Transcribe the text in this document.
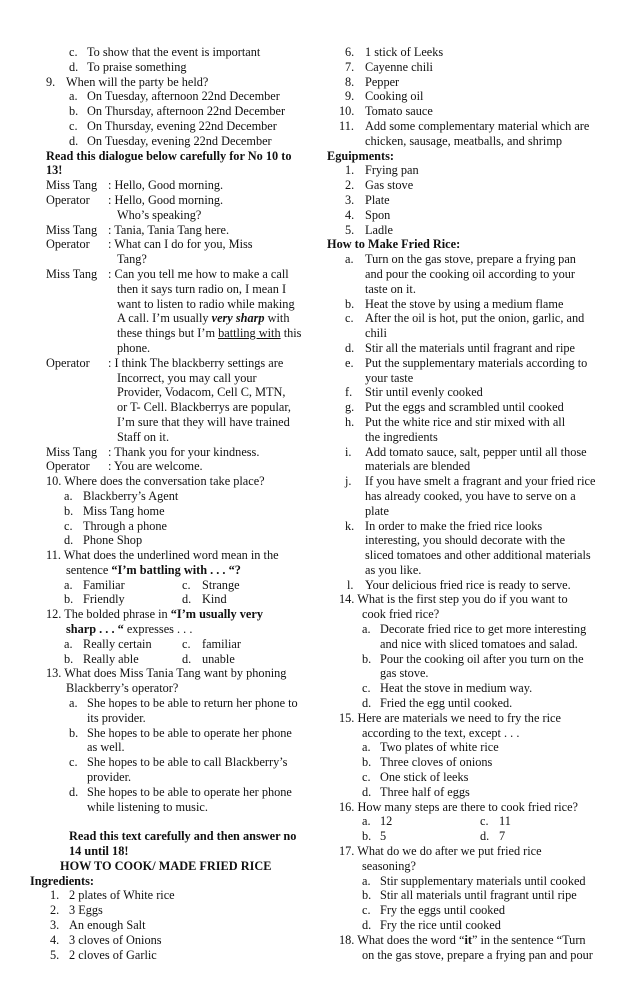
c. To show that the event is important
d. To praise something
9. When will the party be held?
a. On Tuesday, afternoon 22nd December
b. On Thursday, afternoon 22nd December
c. On Thursday, evening 22nd December
d. On Tuesday, evening 22nd December
Read this dialogue below carefully for No 10 to
13!
Miss Tang : Hello, Good morning.
Operator : Hello, Good morning.
Who’s speaking?
Miss Tang : Tania, Tania Tang here.
Operator : What can I do for you, Miss
Tang?
Miss Tang : Can you tell me how to make a call
then it says turn radio on, I mean I
want to listen to radio while making
A call. I’m usually very sharp with
these things but I’m battling with this
phone.
Operator : I think The blackberry settings are
Incorrect, you may call your
Provider, Vodacom, Cell C, MTN,
or T- Cell. Blackberrys are popular,
I’m sure that they will have trained
Staff on it.
Miss Tang : Thank you for your kindness.
Operator : You are welcome.
10. Where does the conversation take place?
a. Blackberry’s Agent
b. Miss Tang home
c. Through a phone
d. Phone Shop
11. What does the underlined word mean in the
sentence “I’m battling with . . . “?
a. Familiar	c. Strange
b. Friendly	d. Kind
12. The bolded phrase in “I’m usually very
sharp . . . “ expresses . . .
a. Really certain c. familiar
b. Really able	d. unable
13. What does Miss Tania Tang want by phoning
Blackberry’s operator?
a. She hopes to be able to return her phone to
its provider.
b. She hopes to be able to operate her phone
as well.
c. She hopes to be able to call Blackberry’s
provider.
d. She hopes to be able to operate her phone
while listening to music.
Read this text carefully and then answer no
14 until 18!
HOW TO COOK/ MADE FRIED RICE
Ingredients:
1. 2 plates of White rice
2. 3 Eggs
3. An enough Salt
4. 3 cloves of Onions
5. 2 cloves of Garlic
6. 1 stick of Leeks
7. Cayenne chili
8. Pepper
9. Cooking oil
10. Tomato sauce
11. Add some complementary material which are
chicken, sausage, meatballs, and shrimp
Eguipments:
1. Frying pan
2. Gas stove
3. Plate
4. Spon
5. Ladle
How to Make Fried Rice:
a. Turn on the gas stove, prepare a frying pan
and pour the cooking oil according to your
taste on it.
b. Heat the stove by using a medium flame
c. After the oil is hot, put the onion, garlic, and
chili
d. Stir all the materials until fragrant and ripe
e. Put the supplementary materials according to
your taste
f. Stir until evenly cooked
g. Put the eggs and scrambled until cooked
h. Put the white rice and stir mixed with all
the ingredients
i. Add tomato sauce, salt, pepper until all those
materials are blended
j. If you have smelt a fragrant and your fried rice
has already cooked, you have to serve on a
plate
k. In order to make the fried rice looks
interesting, you should decorate with the
sliced tomatoes and other additional materials
as you like.
l. Your delicious fried rice is ready to serve.
14. What is the first step you do if you want to
cook fried rice?
a. Decorate fried rice to get more interesting
and nice with sliced tomatoes and salad.
b. Pour the cooking oil after you turn on the
gas stove.
c. Heat the stove in medium way.
d. Fried the egg until cooked.
15. Here are materials we need to fry the rice
according to the text, except . . .
a. Two plates of white rice
b. Three cloves of onions
c. One stick of leeks
d. Three half of eggs
16. How many steps are there to cook fried rice?
a. 12	c. 11
b. 5	d. 7
17. What do we do after we put fried rice
seasoning?
a. Stir supplementary materials until cooked
b. Stir all materials until fragrant until ripe
c. Fry the eggs until cooked
d. Fry the rice until cooked
18. What does the word “it” in the sentence “Turn
on the gas stove, prepare a frying pan and pour
